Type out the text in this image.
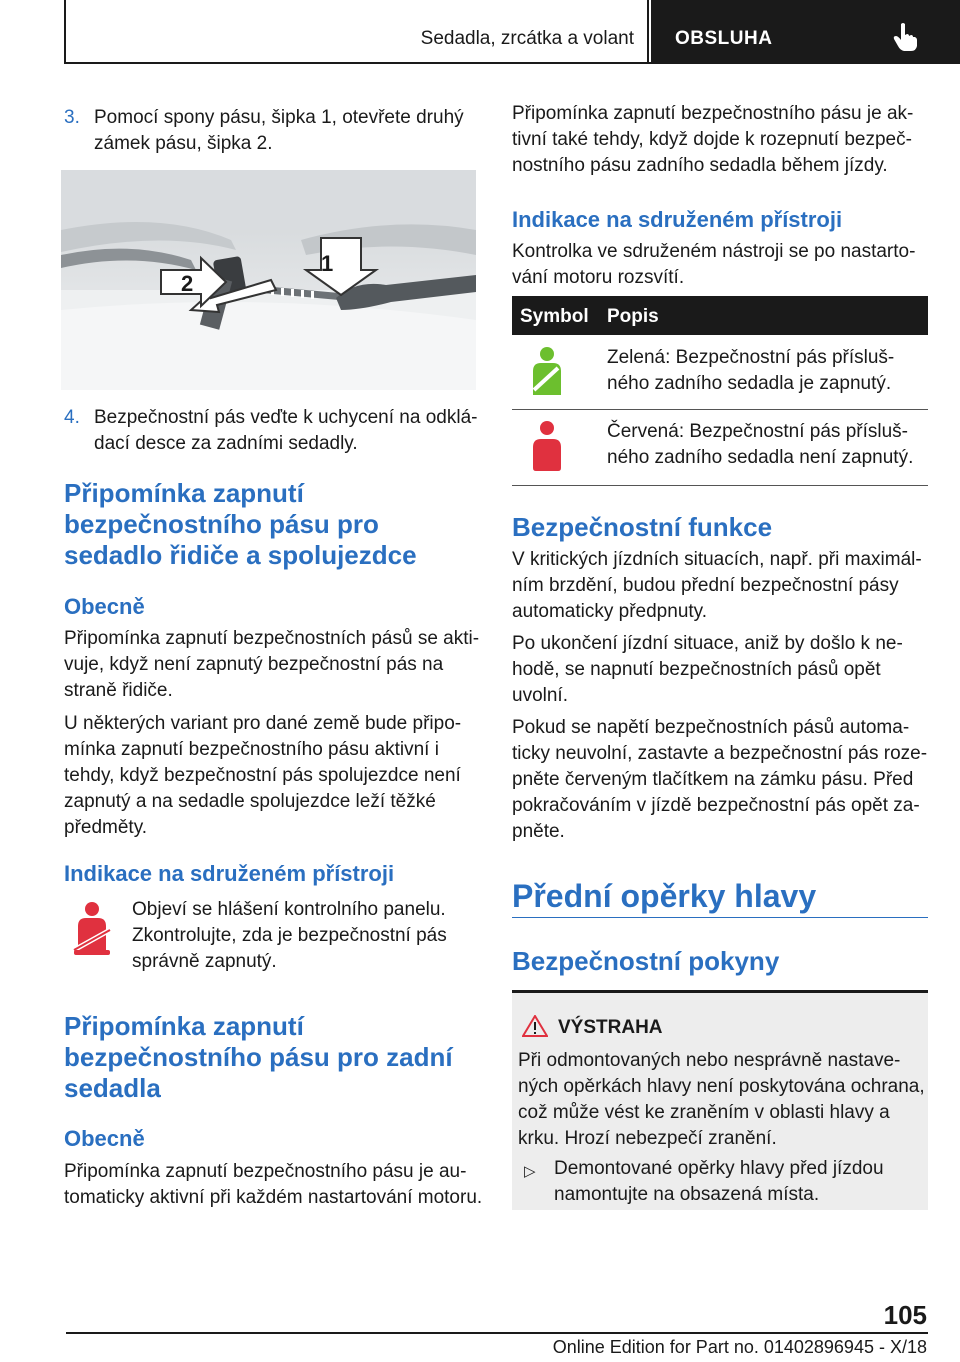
Sedadla, zrcátka a volant OBSLUHA
3. Pomocí spony pásu, šipka 1, otevřete druhý
zámek pásu, šipka 2.
1
2
4. Bezpečnostní pás veďte k uchycení na odklá-
dací desce za zadními sedadly.
Připomínka zapnutí
bezpečnostního pásu pro
sedadlo řidiče a spolujezdce
Obecně
Připomínka zapnutí bezpečnostních pásů se akti-
vuje, když není zapnutý bezpečnostní pás na
straně řidiče.
U některých variant pro dané země bude připo-
mínka zapnutí bezpečnostního pásu aktivní i
tehdy, když bezpečnostní pás spolujezdce není
zapnutý a na sedadle spolujezdce leží těžké
předměty.
Indikace na sdruženém přístroji
Objeví se hlášení kontrolního panelu.
Zkontrolujte, zda je bezpečnostní pás
správně zapnutý.
Připomínka zapnutí
bezpečnostního pásu pro zadní
sedadla
Obecně
Připomínka zapnutí bezpečnostního pásu je au-
tomaticky aktivní při každém nastartování motoru.
Připomínka zapnutí bezpečnostního pásu je ak-
tivní také tehdy, když dojde k rozepnutí bezpeč-
nostního pásu zadního sedadla během jízdy.
Indikace na sdruženém přístroji
Kontrolka ve sdruženém nástroji se po nastarto-
vání motoru rozsvítí.
Symbol Popis
Zelená: Bezpečnostní pás přísluš-
ného zadního sedadla je zapnutý.
Červená: Bezpečnostní pás přísluš-
ného zadního sedadla není zapnutý.
Bezpečnostní funkce
V kritických jízdních situacích, např. při maximál-
ním brzdění, budou přední bezpečnostní pásy
automaticky předpnuty.
Po ukončení jízdní situace, aniž by došlo k ne-
hodě, se napnutí bezpečnostních pásů opět
uvolní.
Pokud se napětí bezpečnostních pásů automa-
ticky neuvolní, zastavte a bezpečnostní pás roze-
pněte červeným tlačítkem na zámku pásu. Před
pokračováním v jízdě bezpečnostní pás opět za-
pněte.
Přední opěrky hlavy
Bezpečnostní pokyny
VÝSTRAHA
Při odmontovaných nebo nesprávně nastave-
ných opěrkách hlavy není poskytována ochrana,
což může vést ke zraněním v oblasti hlavy a
krku. Hrozí nebezpečí zranění.
▷ Demontované opěrky hlavy před jízdou
namontujte na obsazená místa.
105
Online Edition for Part no. 01402896945 - X/18
